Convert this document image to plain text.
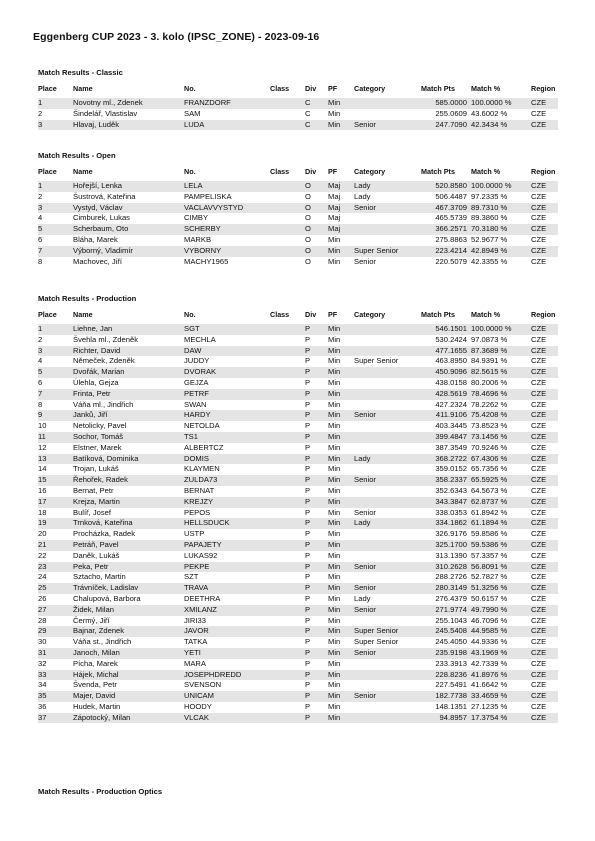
Eggenberg CUP 2023 - 3. kolo (IPSC_ZONE) - 2023-09-16
Match Results - Classic
Place	Name	No.	Class	Div	PF	Category	Match Pts	Match %	Region
1	Novotny ml., Zdenek	FRANZDORF		C	Min		585.0000	100.0000 %	CZE
2	Šindelář, Vlastislav	SAM		C	Min		255.0609	43.6002 %	CZE
3	Hlavaj, Luděk	LUDA		C	Min	Senior	247.7090	42.3434 %	CZE
Match Results - Open
Place	Name	No.	Class	Div	PF	Category	Match Pts	Match %	Region
1	Hořejší, Lenka	LELA		O	Maj	Lady	520.8580	100.0000 %	CZE
2	Šustrová, Kateřina	PAMPELISKA		O	Maj	Lady	506.4487	97.2335 %	CZE
3	Vystyd, Václav	VACLAVVYSTYD		O	Maj	Senior	467.3709	89.7310 %	CZE
4	Cimburek, Lukas	CIMBY		O	Maj		465.5739	89.3860 %	CZE
5	Scherbaum, Oto	SCHERBY		O	Maj		366.2571	70.3180 %	CZE
6	Bláha, Marek	MARKB		O	Min		275.8863	52.9677 %	CZE
7	Výborný, Vladimír	VYBORNY		O	Min	Super Senior	223.4214	42.8949 %	CZE
8	Machovec, Jiří	MACHY1965		O	Min	Senior	220.5079	42.3355 %	CZE
Match Results - Production
Place	Name	No.	Class	Div	PF	Category	Match Pts	Match %	Region
1	Liehne, Jan	SGT		P	Min		546.1501	100.0000 %	CZE
2	Švehla ml., Zdeněk	MECHLA		P	Min		530.2424	97.0873 %	CZE
3	Richter, David	DAW		P	Min		477.1655	87.3689 %	CZE
4	Němeček, Zdeněk	JUDDY		P	Min	Super Senior	463.8950	84.9391 %	CZE
5	Dvořák, Marian	DVORAK		P	Min		450.9096	82.5615 %	CZE
6	Úlehla, Gejza	GEJZA		P	Min		438.0158	80.2006 %	CZE
7	Frinta, Petr	PETRF		P	Min		428.5619	78.4696 %	CZE
8	Váňa ml., Jindřich	SWAN		P	Min		427.2324	78.2262 %	CZE
9	Janků, Jiří	HARDY		P	Min	Senior	411.9106	75.4208 %	CZE
10	Netolicky, Pavel	NETOLDA		P	Min		403.3445	73.8523 %	CZE
11	Sochor, Tomáš	TS1		P	Min		399.4847	73.1456 %	CZE
12	Elstner, Marek	ALBERTCZ		P	Min		387.3549	70.9246 %	CZE
13	Batíková, Dominika	DOMIS		P	Min	Lady	368.2722	67.4306 %	CZE
14	Trojan, Lukáš	KLAYMEN		P	Min		359.0152	65.7356 %	CZE
15	Řehořek, Radek	ZULDA73		P	Min	Senior	358.2337	65.5925 %	CZE
16	Bernat, Petr	BERNAT		P	Min		352.6343	64.5673 %	CZE
17	Krejza, Martin	KREJZY		P	Min		343.3847	62.8737 %	CZE
18	Bulíř, Josef	PEPOS		P	Min	Senior	338.0353	61.8942 %	CZE
19	Trnková, Kateřina	HELLSDUCK		P	Min	Lady	334.1862	61.1894 %	CZE
20	Procházka, Radek	USTP		P	Min		326.9176	59.8586 %	CZE
21	Petráň, Pavel	PAPAJETY		P	Min		325.1700	59.5386 %	CZE
22	Daněk, Lukáš	LUKAS92		P	Min		313.1390	57.3357 %	CZE
23	Peka, Petr	PEKPE		P	Min	Senior	310.2628	56.8091 %	CZE
24	Sztacho, Martin	SZT		P	Min		288.2726	52.7827 %	CZE
25	Trávníček, Ladislav	TRAVA		P	Min	Senior	280.3149	51.3256 %	CZE
26	Chalupová, Barbora	DEETHRA		P	Min	Lady	276.4379	50.6157 %	CZE
27	Židek, Milan	XMILANZ		P	Min	Senior	271.9774	49.7990 %	CZE
28	Čermý, Jiří	JIRI33		P	Min		255.1043	46.7096 %	CZE
29	Bajnar, Zdenek	JAVOR		P	Min	Super Senior	245.5408	44.9585 %	CZE
30	Váňa st., Jindřich	TATKA		P	Min	Super Senior	245.4050	44.9336 %	CZE
31	Janoch, Milan	YETI		P	Min	Senior	235.9198	43.1969 %	CZE
32	Pícha, Marek	MARA		P	Min		233.3913	42.7339 %	CZE
33	Hájek, Michal	JOSEPHDREDD		P	Min		228.8236	41.8976 %	CZE
34	Švenda, Petr	SVENSON		P	Min		227.5491	41.6642 %	CZE
35	Majer, David	UNICAM		P	Min	Senior	182.7738	33.4659 %	CZE
36	Hudek, Martin	HOODY		P	Min		148.1351	27.1235 %	CZE
37	Zápotocký, Milan	VLCAK		P	Min		94.8957	17.3754 %	CZE
Match Results - Production Optics
